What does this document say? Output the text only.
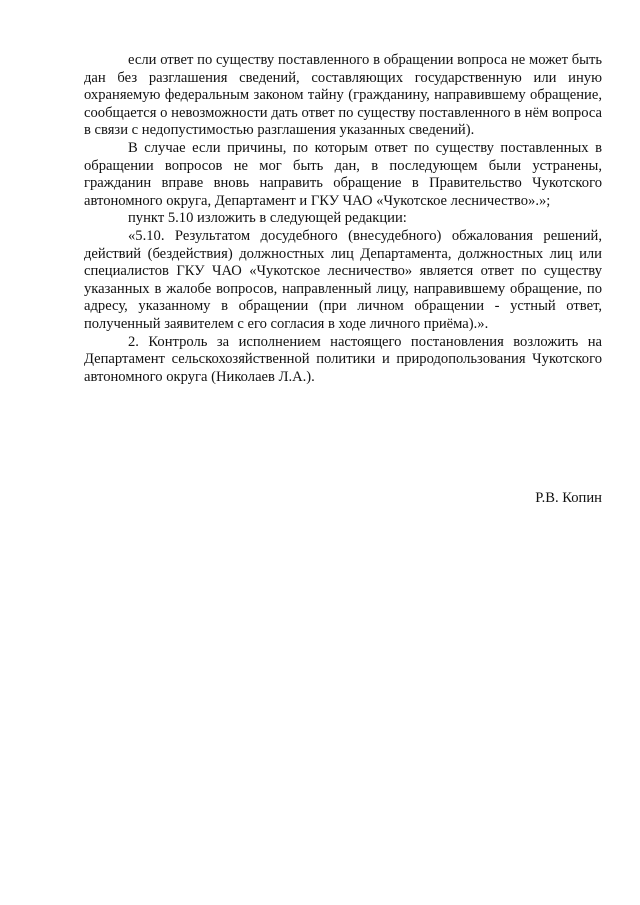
если ответ по существу поставленного в обращении вопроса не может быть дан без разглашения сведений, составляющих государственную или иную охраняемую федеральным законом тайну (гражданину, направившему обращение, сообщается о невозможности дать ответ по существу поставленного в нём вопроса в связи с недопустимостью разглашения указанных сведений).

В случае если причины, по которым ответ по существу поставленных в обращении вопросов не мог быть дан, в последующем были устранены, гражданин вправе вновь направить обращение в Правительство Чукотского автономного округа, Департамент и ГКУ ЧАО «Чукотское лесничество».»;

пункт 5.10 изложить в следующей редакции:

«5.10. Результатом досудебного (внесудебного) обжалования решений, действий (бездействия) должностных лиц Департамента, должностных лиц или специалистов ГКУ ЧАО «Чукотское лесничество» является ответ по существу указанных в жалобе вопросов, направленный лицу, направившему обращение, по адресу, указанному в обращении (при личном обращении - устный ответ, полученный заявителем с его согласия в ходе личного приёма).».

2. Контроль за исполнением настоящего постановления возложить на Департамент сельскохозяйственной политики и природопользования Чукотского автономного округа (Николаев Л.А.).

Р.В. Копин
